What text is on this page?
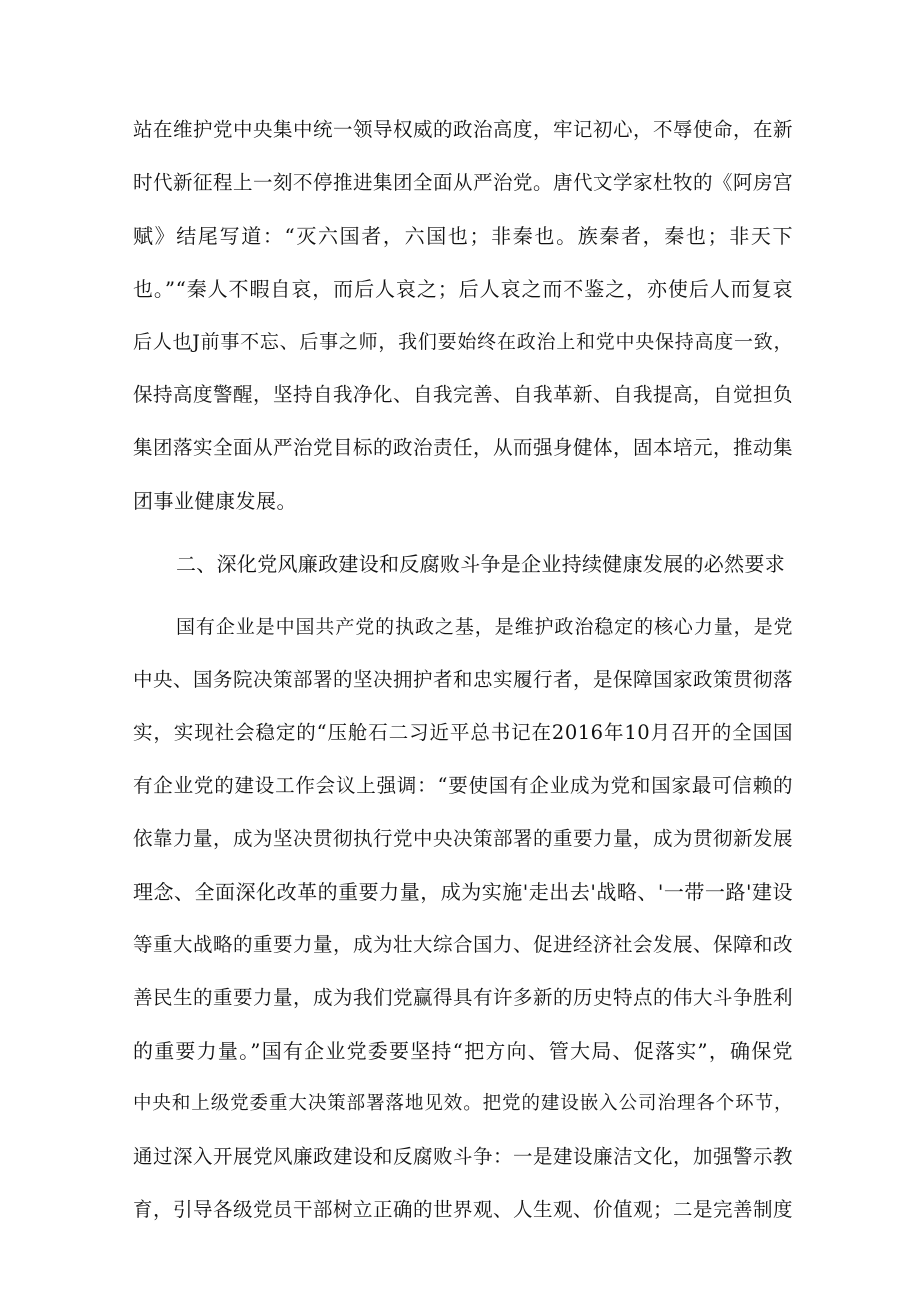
站在维护党中央集中统一领导权威的政治高度，牢记初心，不辱使命，在新
时代新征程上一刻不停推进集团全面从严治党。唐代文学家杜牧的《阿房宫
赋》结尾写道：“灭六国者，六国也；非秦也。族秦者，秦也；非天下
也。”“秦人不暇自哀，而后人哀之；后人哀之而不鉴之，亦使后人而复哀
后人也J前事不忘、后事之师，我们要始终在政治上和党中央保持高度一致，
保持高度警醒，坚持自我净化、自我完善、自我革新、自我提高，自觉担负
集团落实全面从严治党目标的政治责任，从而强身健体，固本培元，推动集
团事业健康发展。
二、深化党风廉政建设和反腐败斗争是企业持续健康发展的必然要求
国有企业是中国共产党的执政之基，是维护政治稳定的核心力量，是党
中央、国务院决策部署的坚决拥护者和忠实履行者，是保障国家政策贯彻落
实，实现社会稳定的“压舱石二习近平总书记在2016年10月召开的全国国
有企业党的建设工作会议上强调：“要使国有企业成为党和国家最可信赖的
依靠力量，成为坚决贯彻执行党中央决策部署的重要力量，成为贯彻新发展
理念、全面深化改革的重要力量，成为实施'走出去'战略、'一带一路'建设
等重大战略的重要力量，成为壮大综合国力、促进经济社会发展、保障和改
善民生的重要力量，成为我们党赢得具有许多新的历史特点的伟大斗争胜利
的重要力量。”国有企业党委要坚持“把方向、管大局、促落实”，确保党
中央和上级党委重大决策部署落地见效。把党的建设嵌入公司治理各个环节，
通过深入开展党风廉政建设和反腐败斗争：一是建设廉洁文化，加强警示教
育，引导各级党员干部树立正确的世界观、人生观、价值观；二是完善制度
